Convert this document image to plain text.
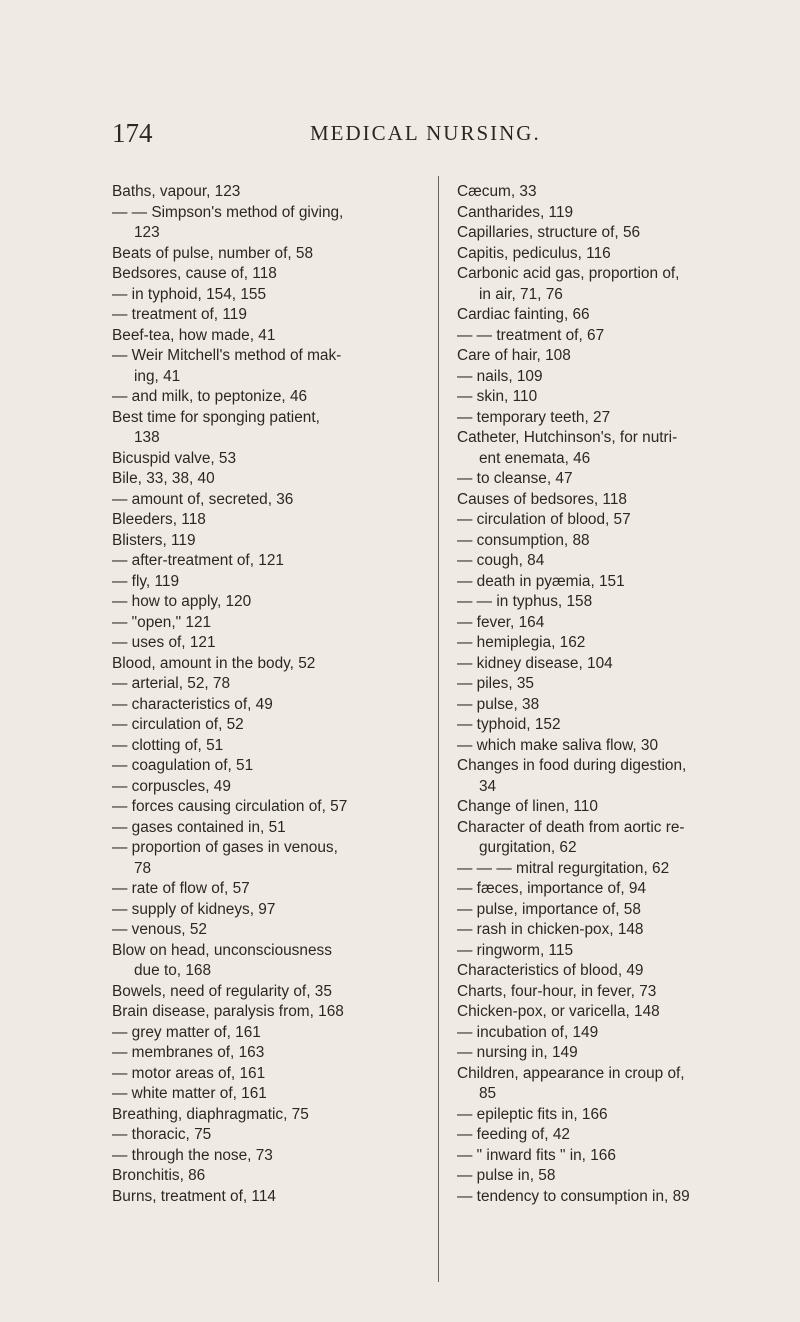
174	MEDICAL NURSING.
Baths, vapour, 123
— — Simpson's method of giving,
123
Beats of pulse, number of, 58
Bedsores, cause of, 118
— in typhoid, 154, 155
— treatment of, 119
Beef-tea, how made, 41
— Weir Mitchell's method of mak-
ing, 41
— and milk, to peptonize, 46
Best time for sponging patient,
138
Bicuspid valve, 53
Bile, 33, 38, 40
— amount of, secreted, 36
Bleeders, 118
Blisters, 119
— after-treatment of, 121
— fly, 119
— how to apply, 120
— "open," 121
— uses of, 121
Blood, amount in the body, 52
— arterial, 52, 78
— characteristics of, 49
— circulation of, 52
— clotting of, 51
— coagulation of, 51
— corpuscles, 49
— forces causing circulation of, 57
— gases contained in, 51
— proportion of gases in venous,
78
— rate of flow of, 57
— supply of kidneys, 97
— venous, 52
Blow on head, unconsciousness
due to, 168
Bowels, need of regularity of, 35
Brain disease, paralysis from, 168
— grey matter of, 161
— membranes of, 163
— motor areas of, 161
— white matter of, 161
Breathing, diaphragmatic, 75
— thoracic, 75
— through the nose, 73
Bronchitis, 86
Burns, treatment of, 114
Cæcum, 33
Cantharides, 119
Capillaries, structure of, 56
Capitis, pediculus, 116
Carbonic acid gas, proportion of,
in air, 71, 76
Cardiac fainting, 66
— — treatment of, 67
Care of hair, 108
— nails, 109
— skin, 110
— temporary teeth, 27
Catheter, Hutchinson's, for nutri-
ent enemata, 46
— to cleanse, 47
Causes of bedsores, 118
— circulation of blood, 57
— consumption, 88
— cough, 84
— death in pyæmia, 151
— — in typhus, 158
— fever, 164
— hemiplegia, 162
— kidney disease, 104
— piles, 35
— pulse, 38
— typhoid, 152
— which make saliva flow, 30
Changes in food during digestion,
34
Change of linen, 110
Character of death from aortic re-
gurgitation, 62
— — — mitral regurgitation, 62
— fæces, importance of, 94
— pulse, importance of, 58
— rash in chicken-pox, 148
— ringworm, 115
Characteristics of blood, 49
Charts, four-hour, in fever, 73
Chicken-pox, or varicella, 148
— incubation of, 149
— nursing in, 149
Children, appearance in croup of,
85
— epileptic fits in, 166
— feeding of, 42
— " inward fits " in, 166
— pulse in, 58
— tendency to consumption in, 89
